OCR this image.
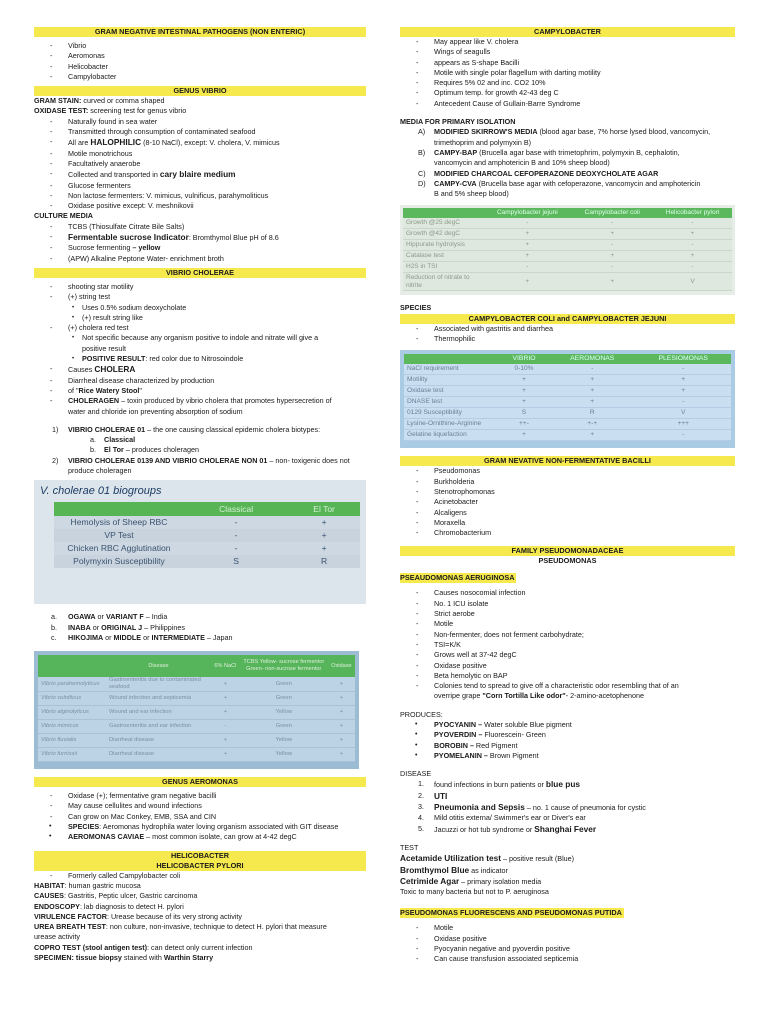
GRAM NEGATIVE INTESTINAL PATHOGENS (NON ENTERIC)
- Vibrio
- Aeromonas
- Helicobacter
- Campylobacter
GENUS VIBRIO
GRAM STAIN: curved or comma shaped
OXIDASE TEST: screening test for genus vibrio
- Naturally found in sea water
- Transmitted through consumption of contaminated seafood
- All are HALOPHILIC (8-10 NaCl), except: V. cholera, V. mimicus
- Motile monotrichous
- Facultatively anaerobe
- Collected and transported in cary blaire medium
- Glucose fermenters
- Non lactose fermenters: V. mimicus, vulnificus, parahymoliticus
- Oxidase positive except: V. meshnikovii
CULTURE MEDIA
- TCBS (Thiosulfate Citrate Bile Salts)
- Fermentable sucrose Indicator: Bromthymol Blue pH of 8.6
- Sucrose fermenting – yellow
- (APW) Alkaline Peptone Water- enrichment broth
VIBRIO CHOLERAE
- shooting star motility
- (+) string test
• Uses 0.5% sodium deoxycholate
• (+) result string like
- (+) cholera red test
• Not specific because any organism positive to indole and nitrate will give a
positive result
• POSITIVE RESULT: red color due to Nitrosoindole
- Causes CHOLERA
- Diarrheal disease characterized by production
- of "Rice Watery Stool"
- CHOLERAGEN – toxin produced by vibrio cholera that promotes hypersecretion of
water and chloride ion preventing absorption of sodium
1) VIBRIO CHOLERAE 01 – the one causing classical epidemic cholera biotypes:
a. Classical
b. El Tor – produces choleragen
2) VIBRIO CHOLERAE 0139 AND VIBRIO CHOLERAE NON 01 – non- toxigenic does not
produce choleragen
V. cholerae 01 biogroups
	Classical	El Tor
Hemolysis of Sheep RBC	-	+
VP Test	-	+
Chicken RBC Agglutination	-	+
Polymyxin Susceptibility	S	R
a. OGAWA or VARIANT F – India
b. INABA or ORIGINAL J – Philippines
c. HIKOJIMA or MIDDLE or INTERMEDIATE – Japan
	Disease	6% NaCl	TCBS Yellow- sucrose fermentor Green- non-sucrose fermentor	Oxidase
Vibrio parahemolyticus	Gastroenteritis due to contaminated seafood	+	Green	+
Vibrio vulnificus	Wound infection and septicemia	+	Green	+
Vibrio alginolyticus	Wound and ear infection	+	Yellow	+
Vibrio mimicus	Gastroenteritis and ear infection	-	Green	+
Vibrio fluvialis	Diarrheal disease	+	Yellow	+
Vibrio furnissii	Diarrheal disease	+	Yellow	+
GENUS AEROMONAS
- Oxidase (+); fermentative gram negative bacilli
- May cause cellulites and wound infections
- Can grow on Mac Conkey, EMB, SSA and CIN
• SPECIES: Aeromonas hydrophila water loving organism associated with GIT disease
• AEROMONAS CAVIAE – most common isolate, can grow at 4-42 degC
HELICOBACTER
HELICOBACTER PYLORI
- Formerly called Campylobacter coli
HABITAT: human gastric mucosa
CAUSES: Gastritis, Peptic ulcer, Gastric carcinoma
ENDOSCOPY: lab diagnosis to detect H. pylori
VIRULENCE FACTOR: Urease because of its very strong activity
UREA BREATH TEST: non culture, non-invasive, technique to detect H. pylori that measure
urease activity
COPRO TEST (stool antigen test): can detect only current infection
SPECIMEN: tissue biopsy stained with Warthin Starry
CAMPYLOBACTER
- May appear like V. cholera
- Wings of seagulls
- appears as S-shape Bacilli
- Motile with single polar flagellum with darting motility
- Requires 5% 02 and inc. CO2 10%
- Optimum temp. for growth 42-43 deg C
- Antecedent Cause of Gullain-Barre Syndrome
MEDIA FOR PRIMARY ISOLATION
A) MODIFIED SKIRROW'S MEDIA (blood agar base, 7% horse lysed blood, vancomycin,
trimethoprim and polymyxin B)
B) CAMPY-BAP (Brucella agar base with trimetophrim, polymyxin B, cephalotin,
vancomycin and amphotericin B and 10% sheep blood)
C) MODIFIED CHARCOAL CEFOPERAZONE DEOXYCHOLATE AGAR
D) CAMPY-CVA (Brucella base agar with cefoperazone, vancomycin and amphotericin
B and 5% sheep blood)
	Campylobacter jejuni	Campylobacter coli	Helicobacter pylori
Growth @25 degC	-	-	-
Growth @42 degC	+	+	+
Hippurate hydrolysis	+	-	-
Catalase test	+	+	+
H2S in TSI	-	-	-
Reduction of nitrate to nitrite	+	+	V
SPECIES
CAMPYLOBACTER COLI and CAMPYLOBACTER JEJUNI
- Associated with gastritis and diarrhea
- Thermophilic
	VIBRIO	AEROMONAS	PLESIOMONAS
NaCl requirement	0-10%	-	-
Motility	+	+	+
Oxidase test	+	+	+
DNASE test	+	+	-
0129 Susceptibility	S	R	V
Lysine-Ornithine-Arginine	++-	+-+	+++
Gelatine liquefaction	+	+	-
GRAM NEVATIVE NON-FERMENTATIVE BACILLI
- Pseudomonas
- Burkholderia
- Stenotrophomonas
- Acinetobacter
- Alcaligens
- Moraxella
- Chromobacterium
FAMILY PSEUDOMONADACEAE
PSEUDOMONAS
PSEAUDOMONAS AERUGINOSA
- Causes nosocomial infection
- No. 1 ICU isolate
- Strict aerobe
- Motile
- Non-fermenter, does not ferment carbohydrate;
- TSI=K/K
- Grows well at 37-42 degC
- Oxidase positive
- Beta hemolytic on BAP
- Colonies tend to spread to give off a characteristic odor resembling that of an
overripe grape "Corn Tortilla Like odor"- 2-amino-acetophenone
PRODUCES:
• PYOCYANIN – Water soluble Blue pigment
• PYOVERDIN – Fluorescein- Green
• BOROBIN – Red Pigment
• PYOMELANIN – Brown Pigment
DISEASE
1. found infections in burn patients or blue pus
2. UTI
3. Pneumonia and Sepsis – no. 1 cause of pneumonia for cystic
4. Mild otitis externa/ Swimmer's ear or Diver's ear
5. Jacuzzi or hot tub syndrome or Shanghai Fever
TEST
Acetamide Utilization test – positive result (Blue)
Bromthymol Blue as indicator
Cetrimide Agar – primary isolation media
Toxic to many bacteria but not to P. aeruginosa
PSEUDOMONAS FLUORESCENS AND PSEUDOMONAS PUTIDA
- Motile
- Oxidase positive
- Pyocyanin negative and pyoverdin positive
- Can cause transfusion associated septicemia
